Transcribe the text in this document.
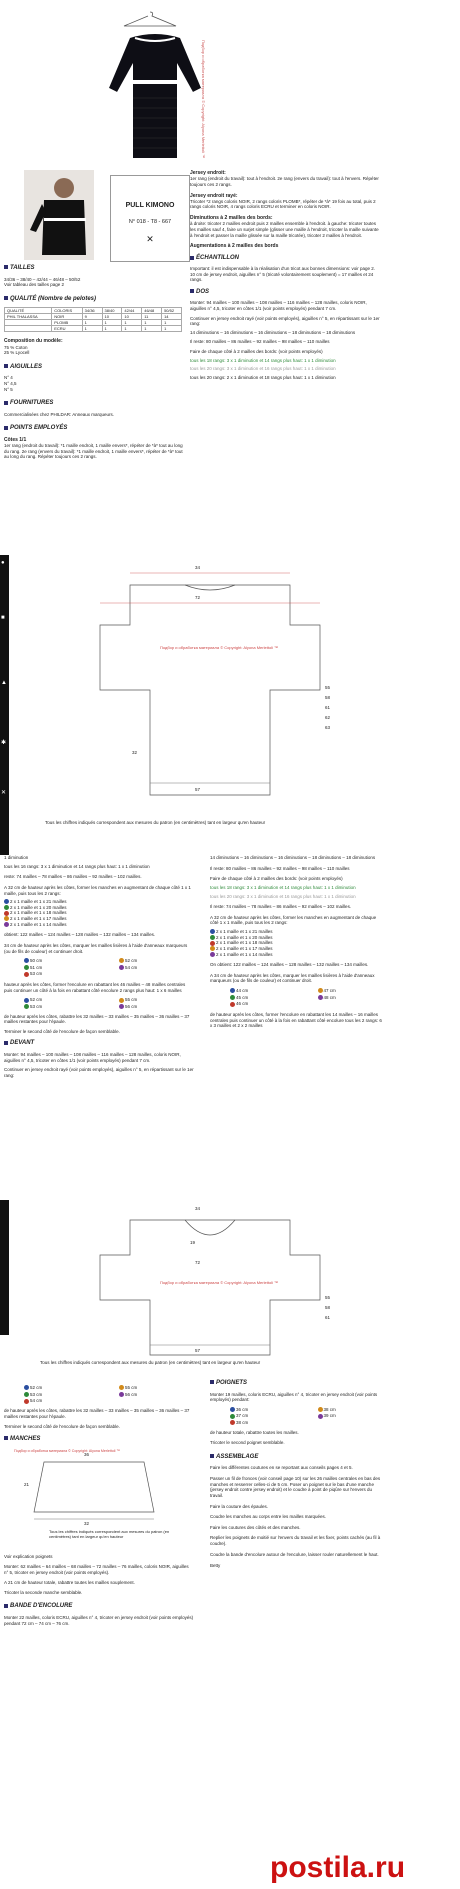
Подбор и обработка материала © Copyright: Alyona Merlettoli ™
PULL KIMONO
N° 018 - T8 - 667
✕
TAILLES
34/36 – 38/40 – 42/44 – 46/48 – 50/52
Voir tableau des tailles page 2
QUALITÉ (Nombre de pelotes)
QUALITÉ	COLORIS	34/36	38/40	42/44	46/48	50/52
PHIL THALASSA	NOIR	9	10	10	11	14
	PLOMB	1	1	1	1	1
	ECRU	1	1	1	1	1
Composition du modèle:
75 % Coton
25 % Lyocell
AIGUILLES
N° 4
N° 4,5
N° 5
FOURNITURES
Commercialisées chez PHILDAR: Anneaux marqueurs.
POINTS EMPLOYÉS
Côtes 1/1
1er rang (endroit du travail): *1 maille endroit, 1 maille envers*, répéter de *à* tout au long du rang. 2e rang (envers du travail): *1 maille endroit, 1 maille envers*, répéter de *à* tout au long du rang. Répéter toujours ces 2 rangs.
Jersey endroit:
1er rang (endroit du travail): tout à l'endroit. 2e rang (envers du travail): tout à l'envers. Répéter toujours ces 2 rangs.
Jersey endroit rayé:
Tricoter *2 rangs coloris NOIR, 2 rangs coloris PLOMB*, répéter de *à* 19 fois au total, puis 2 rangs coloris NOIR, 4 rangs coloris ECRU et terminer en coloris NOIR.
Diminutions à 2 mailles des bords:
à droite: tricoter 2 mailles endroit puis 2 mailles ensemble à l'endroit. à gauche: tricoter toutes les mailles sauf 4, faire un surjet simple (glisser une maille à l'endroit, tricoter la maille suivante à l'endroit et passer la maille glissée sur la maille tricotée), tricoter 2 mailles à l'endroit.
Augmentations à 2 mailles des bords
ÉCHANTILLON
Important: il est indispensable à la réalisation d'un tricot aux bonnes dimensions: voir page 2. 10 cm de jersey endroit, aiguilles n° 5 (tricoté volontairement souplement) = 17 mailles et 24 rangs.
DOS
Monter: 94 mailles – 100 mailles – 108 mailles – 116 mailles – 128 mailles, coloris NOIR, aiguilles n° 4,5, tricoter en côtes 1/1 (voir points employés) pendant 7 cm.
Continuer en jersey endroit rayé (voir points employés), aiguilles n° 5, en répartissant sur le 1er rang:
14 diminutions – 16 diminutions – 16 diminutions – 18 diminutions – 18 diminutions
Il reste: 80 mailles – 86 mailles – 92 mailles – 98 mailles – 110 mailles
Faire de chaque côté à 2 mailles des bords: (voir points employés)
tous les 18 rangs: 3 x 1 diminution et 14 rangs plus haut: 1 x 1 diminution
tous les 20 rangs: 3 x 1 diminution et 16 rangs plus haut: 1 x 1 diminution
tous les 20 rangs: 2 x 1 diminution et 18 rangs plus haut: 1 x 1 diminution
●
■
▲
✱
✕
34
72
32
57
55
58
61
62
63
Подбор и обработка материала © Copyright: Alyona Merlettoli ™
Tous les chiffres indiqués correspondent aux mesures du patron (en centimètres) tant en largeur qu'en hauteur
1 diminution
tous les 16 rangs: 3 x 1 diminution et 14 rangs plus haut: 1 x 1 diminution
reste: 74 mailles – 78 mailles – 86 mailles – 92 mailles – 102 mailles.
A 32 cm de hauteur après les côtes, former les manches en augmentant de chaque côté 1 x 1 maille, puis tous les 2 rangs:
2 x 1 maille et 1 x 21 mailles
2 x 1 maille et 1 x 20 mailles
2 x 1 maille et 1 x 18 mailles
2 x 1 maille et 1 x 17 mailles
2 x 1 maille et 1 x 14 mailles
obtient: 122 mailles – 124 mailles – 128 mailles – 132 mailles – 134 mailles.
34 cm de hauteur après les côtes, marquer les mailles lisières à l'aide d'anneaux marqueurs (ou de fils de couleur) et continuer droit.
50 cm	52 cm
51 cm	54 cm
53 cm
hauteur après les côtes, former l'encolure en rabattant les 46 mailles – 48 mailles centrales puis continuer un côté à la fois en rabattant côté encolure 2 rangs plus haut: 1 x 6 mailles
52 cm	55 cm
53 cm	56 cm
de hauteur après les côtes, rabattre les 32 mailles – 33 mailles – 35 mailles – 36 mailles – 37 mailles restantes pour l'épaule.
Terminer le second côté de l'encolure de façon semblable.
DEVANT
Monter: 94 mailles – 100 mailles – 108 mailles – 116 mailles – 128 mailles, coloris NOIR, aiguilles n° 4,5, tricoter en côtes 1/1 (voir points employés) pendant 7 cm.
Continuer en jersey endroit rayé (voir points employés), aiguilles n° 5, en répartissant sur le 1er rang:
14 diminutions – 16 diminutions – 16 diminutions – 18 diminutions – 18 diminutions
Il reste: 80 mailles – 86 mailles – 92 mailles – 98 mailles – 110 mailles
Faire de chaque côté à 2 mailles des bords: (voir points employés)
tous les 18 rangs: 3 x 1 diminution et 14 rangs plus haut: 1 x 1 diminution
tous les 20 rangs: 3 x 1 diminution et 16 rangs plus haut: 1 x 1 diminution
Il reste: 74 mailles – 78 mailles – 86 mailles – 92 mailles – 102 mailles.
A 32 cm de hauteur après les côtes, former les manches en augmentant de chaque côté 1 x 1 maille, puis tous les 2 rangs:
2 x 1 maille et 1 x 21 mailles
2 x 1 maille et 1 x 20 mailles
2 x 1 maille et 1 x 18 mailles
2 x 1 maille et 1 x 17 mailles
2 x 1 maille et 1 x 14 mailles
On obtient: 122 mailles – 124 mailles – 128 mailles – 132 mailles – 134 mailles.
A 34 cm de hauteur après les côtes, marquer les mailles lisières à l'aide d'anneaux marqueurs (ou de fils de couleur) et continuer droit.
44 cm	47 cm
45 cm	48 cm
46 cm
de hauteur après les côtes, former l'encolure en rabattant les 14 mailles – 16 mailles centrales puis continuer un côté à la fois en rabattant côté encolure tous les 2 rangs: 6 x 3 mailles et 2 x 2 mailles
34
19
72
57
55
58
61
Подбор и обработка материала © Copyright: Alyona Merlettoli ™
Tous les chiffres indiqués correspondent aux mesures du patron (en centimètres) tant en largeur qu'en hauteur
52 cm	55 cm
53 cm	56 cm
54 cm
de hauteur après les côtes, rabattre les 32 mailles – 33 mailles – 35 mailles – 36 mailles – 37 mailles restantes pour l'épaule.
Terminer le second côté de l'encolure de façon semblable.
MANCHES
21
36
32
Подбор и обработка материала © Copyright: Alyona Merlettoli ™
Tous les chiffres indiqués correspondent aux mesures du patron (en centimètres) tant en largeur qu'en hauteur
Voir explication poignets
Monter: 62 mailles – 64 mailles – 68 mailles – 72 mailles – 76 mailles, coloris NOIR, aiguilles n° 5, tricoter en jersey endroit (voir points employés).
A 21 cm de hauteur totale, rabattre toutes les mailles souplement.
Tricoter la seconde manche semblable.
BANDE D'ENCOLURE
Monter 22 mailles, coloris ECRU, aiguilles n° 4, tricoter en jersey endroit (voir points employés) pendant 72 cm – 74 cm – 76 cm.
POIGNETS
Monter 19 mailles, coloris ECRU, aiguilles n° 4, tricoter en jersey endroit (voir points employés) pendant:
36 cm	38 cm
37 cm	39 cm
38 cm
de hauteur totale, rabattre toutes les mailles.
Tricoter le second poignet semblable.
ASSEMBLAGE
Faire les différentes coutures en se reportant aux conseils pages 4 et 5.
Passer un fil de fronces (voir conseil page 10) sur les 26 mailles centrales en bas des manches et resserrer celles-ci de 5 cm. Poser un poignet sur le bas d'une manche (jersey endroit contre jersey endroit) et le coudre à point de piqûre sur l'envers du travail.
Faire la couture des épaules.
Coudre les manches au corps entre les mailles marquées.
Faire les coutures des côtés et des manches.
Replier les poignets de moitié sur l'envers du travail et les fixer, points cachés (au fil à coudre).
Coudre la bande d'encolure autour de l'encolure, laisser rouler naturellement le haut.
Betty
postila.ru
